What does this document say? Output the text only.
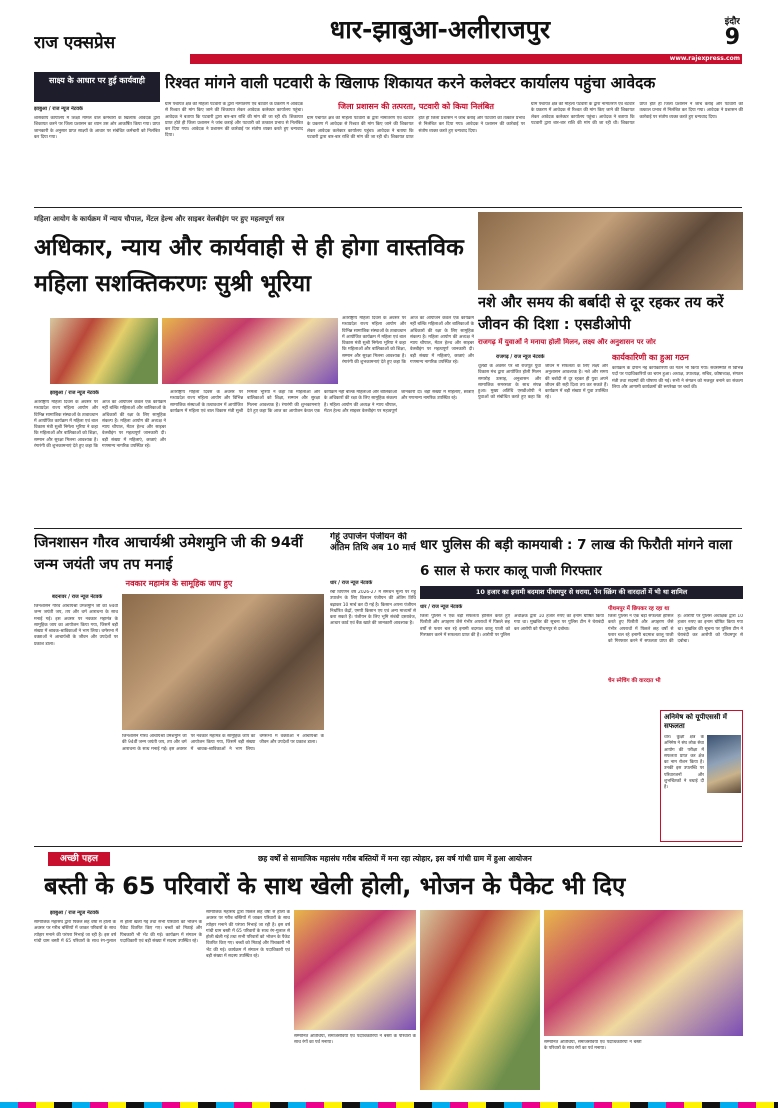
राज एक्सप्रेस	धार-झाबुआ-अलीराजपुर	इंदौर
9
www.rajexpress.com
साक्ष्य के आधार पर हुई कार्यवाही
झाबुआ / राज न्यूज नेटवर्क
शासकीय कार्यालय में शिक्षा मामले वाले कर्मचारी के खिलाफ आवेदक द्वारा शिकायत करने पर जिला प्रशासन का ध्यान उस ओर आकर्षित किया गया। प्राप्त जानकारी के अनुसार प्राप्त साक्ष्यों के आधार पर संबंधित कर्मचारी को निलंबित कर दिया गया।
रिश्वत मांगने वाली पटवारी के खिलाफ शिकायत करने कलेक्टर कार्यालय पहुंचा आवेदक
ग्राम पंचायत क्षेत्र की महिला पटवारी के द्वारा नामांतरण एवं बंटवारे के प्रकरण में आवेदक से रिश्वत की मांग किए जाने की शिकायत लेकर आवेदक कलेक्टर कार्यालय पहुंचा। आवेदक ने बताया कि पटवारी द्वारा बार-बार राशि की मांग की जा रही थी। शिकायत प्राप्त होते ही जिला प्रशासन ने जांच कराई और पटवारी को तत्काल प्रभाव से निलंबित कर दिया गया। आवेदक ने प्रशासन की कार्रवाई पर संतोष व्यक्त करते हुए धन्यवाद दिया।
जिला प्रशासन की तत्परता, पटवारी को किया निलंबित
ग्राम पंचायत क्षेत्र की महिला पटवारी के द्वारा नामांतरण एवं बंटवारे के प्रकरण में आवेदक से रिश्वत की मांग किए जाने की शिकायत लेकर आवेदक कलेक्टर कार्यालय पहुंचा। आवेदक ने बताया कि पटवारी द्वारा बार-बार राशि की मांग की जा रही थी। शिकायत प्राप्त होते ही जिला प्रशासन ने जांच कराई और पटवारी को तत्काल प्रभाव से निलंबित कर दिया गया। आवेदक ने प्रशासन की कार्रवाई पर संतोष व्यक्त करते हुए धन्यवाद दिया।
ग्राम पंचायत क्षेत्र की महिला पटवारी के द्वारा नामांतरण एवं बंटवारे के प्रकरण में आवेदक से रिश्वत की मांग किए जाने की शिकायत लेकर आवेदक कलेक्टर कार्यालय पहुंचा। आवेदक ने बताया कि पटवारी द्वारा बार-बार राशि की मांग की जा रही थी। शिकायत प्राप्त होते ही जिला प्रशासन ने जांच कराई और पटवारी को तत्काल प्रभाव से निलंबित कर दिया गया। आवेदक ने प्रशासन की कार्रवाई पर संतोष व्यक्त करते हुए धन्यवाद दिया।
महिला आयोग के कार्यक्रम में न्याय चौपाल, मेंटल हेल्थ और साइबर वेलबीइंग पर हुए महत्वपूर्ण सत्र
अधिकार, न्याय और कार्यवाही से ही होगा वास्तविक महिला सशक्तिकरणः सुश्री भूरिया
झाबुआ / राज न्यूज नेटवर्क
अंतर्राष्ट्रीय महिला दिवस के अवसर पर मध्यप्रदेश राज्य महिला आयोग और विभिन्न सामाजिक संस्थाओं के तत्वावधान में आयोजित कार्यक्रम में महिला एवं बाल विकास मंत्री सुश्री निर्मला भूरिया ने कहा कि महिलाओं और बालिकाओं को शिक्षा, सम्मान और सुरक्षा मिलना आवश्यक है। रंगारंगी की शुभकामनाएं देते हुए कहा कि आज का आयोजन केवल एक कार्यक्रम नहीं बल्कि महिलाओं और बालिकाओं के अधिकारों की रक्षा के लिए सामूहिक संकल्प है। महिला आयोग की अध्यक्ष ने न्याय चौपाल, मेंटल हेल्थ और साइबर वेलबीइंग पर महत्वपूर्ण जानकारी दी। बड़ी संख्या में महिलाएं, छात्राएं और गणमान्य नागरिक उपस्थित रहे।
अंतर्राष्ट्रीय महिला दिवस के अवसर पर मध्यप्रदेश राज्य महिला आयोग और विभिन्न सामाजिक संस्थाओं के तत्वावधान में आयोजित कार्यक्रम में महिला एवं बाल विकास मंत्री सुश्री निर्मला भूरिया ने कहा कि महिलाओं और बालिकाओं को शिक्षा, सम्मान और सुरक्षा मिलना आवश्यक है। रंगारंगी की शुभकामनाएं देते हुए कहा कि आज का आयोजन केवल एक कार्यक्रम नहीं बल्कि महिलाओं और बालिकाओं के अधिकारों की रक्षा के लिए सामूहिक संकल्प है। महिला आयोग की अध्यक्ष ने न्याय चौपाल, मेंटल हेल्थ और साइबर वेलबीइंग पर महत्वपूर्ण जानकारी दी। बड़ी संख्या में महिलाएं, छात्राएं और गणमान्य नागरिक उपस्थित रहे।
अंतर्राष्ट्रीय महिला दिवस के अवसर पर मध्यप्रदेश राज्य महिला आयोग और विभिन्न सामाजिक संस्थाओं के तत्वावधान में आयोजित कार्यक्रम में महिला एवं बाल विकास मंत्री सुश्री निर्मला भूरिया ने कहा कि महिलाओं और बालिकाओं को शिक्षा, सम्मान और सुरक्षा मिलना आवश्यक है। रंगारंगी की शुभकामनाएं देते हुए कहा कि आज का आयोजन केवल एक कार्यक्रम नहीं बल्कि महिलाओं और बालिकाओं के अधिकारों की रक्षा के लिए सामूहिक संकल्प है। महिला आयोग की अध्यक्ष ने न्याय चौपाल, मेंटल हेल्थ और साइबर वेलबीइंग पर महत्वपूर्ण जानकारी दी। बड़ी संख्या में महिलाएं, छात्राएं और गणमान्य नागरिक उपस्थित रहे।
नशे और समय की बर्बादी से दूर रहकर तय करें जीवन की दिशा : एसडीओपी
राजगढ़ में युवाओं ने मनाया होली मिलन, लक्ष्य और अनुशासन पर जोर
राजगढ़ / राज न्यूज नेटवर्क
धूलेंडी के अवसर पर श्री राजपूत युवा विकास मंच द्वारा आयोजित होली मिलन समारोह उत्साह, अनुशासन और सामाजिक समरसता के साथ संपन्न हुआ। मुख्य अतिथि एसडीओपी ने युवाओं को संबोधित करते हुए कहा कि जीवन में सफलता के लिए लक्ष्य और अनुशासन आवश्यक है। नशे और समय की बर्बादी से दूर रहकर ही युवा अपने जीवन की सही दिशा तय कर सकते हैं। कार्यक्रम में बड़ी संख्या में युवा उपस्थित रहे।
कार्यकारिणी का हुआ गठन
कार्यक्रम के दौरान नई कार्यकारिणी का गठन भी किया गया। सर्वसम्मति से विभिन्न पदों पर पदाधिकारियों का चयन हुआ। अध्यक्ष, उपाध्यक्ष, सचिव, कोषाध्यक्ष, संगठन मंत्री तथा सदस्यों की घोषणा की गई। सभी ने संगठन को मजबूत बनाने का संकल्प लिया और आगामी कार्यक्रमों की रूपरेखा पर चर्चा की।
जिनशासन गौरव आचार्यश्री उमेशमुनि जी की 94वीं जन्म जयंती जप तप मनाई
नवकार महामंत्र के सामूहिक जाप हुए
बदनावर / राज न्यूज नेटवर्क
जिनशासन गौरव आचार्यश्री उमेशमुनि जी की 94वीं जन्म जयंती जप, तप और धर्म आराधना के साथ मनाई गई। इस अवसर पर नवकार महामंत्र के सामूहिक जाप का आयोजन किया गया, जिसमें बड़ी संख्या में श्रावक-श्राविकाओं ने भाग लिया। धर्मसभा में वक्ताओं ने आचार्यश्री के जीवन और उपदेशों पर प्रकाश डाला।
जिनशासन गौरव आचार्यश्री उमेशमुनि जी की 94वीं जन्म जयंती जप, तप और धर्म आराधना के साथ मनाई गई। इस अवसर पर नवकार महामंत्र के सामूहिक जाप का आयोजन किया गया, जिसमें बड़ी संख्या में श्रावक-श्राविकाओं ने भाग लिया। धर्मसभा में वक्ताओं ने आचार्यश्री के जीवन और उपदेशों पर प्रकाश डाला।
गेहूं उपार्जन पंजीयन की अंतिम तिथि अब 10 मार्च
धार / राज न्यूज नेटवर्क
रबी विपणन वर्ष 2026-27 में समर्थन मूल्य पर गेहूं उपार्जन के लिए किसान पंजीयन की अंतिम तिथि बढ़ाकर 10 मार्च कर दी गई है। किसान अपना पंजीयन निर्धारित केंद्रों, एमपी किसान एप एवं अन्य माध्यमों से करा सकते हैं। पंजीयन के लिए भूमि संबंधी दस्तावेज, आधार कार्ड एवं बैंक खाते की जानकारी आवश्यक है।
धार पुलिस की बड़ी कामयाबी : 7 लाख की फिरौती मांगने वाला 6 साल से फरार कालू पाजी गिरफ्तार
10 हजार का इनामी बदमाश पीथमपुर से धराया, पेन स्क्रिंग की वारदातों में भी था शामिल
धार / राज न्यूज नेटवर्क
जिला पुलिस ने एक बड़ी सफलता हासिल करते हुए फिरौती और अपहरण जैसे गंभीर अपराधों में पिछले छह वर्षों से फरार चल रहे इनामी बदमाश कालू पाजी को गिरफ्तार करने में सफलता प्राप्त की है। आरोपी पर पुलिस अधीक्षक द्वारा 10 हजार रुपए का इनाम घोषित किया गया था। मुखबिर की सूचना पर पुलिस टीम ने घेराबंदी कर आरोपी को पीथमपुर से दबोचा।
पीथमपुर में छिपकर रह रहा था
जिला पुलिस ने एक बड़ी सफलता हासिल करते हुए फिरौती और अपहरण जैसे गंभीर अपराधों में पिछले छह वर्षों से फरार चल रहे इनामी बदमाश कालू पाजी को गिरफ्तार करने में सफलता प्राप्त की है। आरोपी पर पुलिस अधीक्षक द्वारा 10 हजार रुपए का इनाम घोषित किया गया था। मुखबिर की सूचना पर पुलिस टीम ने घेराबंदी कर आरोपी को पीथमपुर से दबोचा।
चेन स्नेचिंग की वारदात भी
अनिमेष को यूपीएससी में सफलता
धार। कुक्षी क्षेत्र के अनिमेष ने संघ लोक सेवा आयोग की परीक्षा में सफलता प्राप्त कर क्षेत्र का नाम रोशन किया है। उनकी इस उपलब्धि पर परिवारजनों और शुभचिंतकों ने बधाई दी है।
अच्छी पहल	छह वर्षों से सामाजिक महासंघ गरीब बस्तियों में मना रहा त्योहार, इस वर्ष गांधी ग्राम में हुआ आयोजन
बस्ती के 65 परिवारों के साथ खेली होली, भोजन के पैकेट भी दिए
झाबुआ / राज न्यूज नेटवर्क
सामाजिक महासंघ द्वारा पिछले छह वर्षों से होली के अवसर पर गरीब बस्तियों में जाकर परिवारों के साथ त्योहार मनाने की परंपरा निभाई जा रही है। इस वर्ष गांधी ग्राम बस्ती में 65 परिवारों के साथ रंग-गुलाल से होली खेली गई तथा सभी परिवारों को भोजन के पैकेट वितरित किए गए। बच्चों को मिठाई और पिचकारी भी भेंट की गई। कार्यक्रम में संगठन के पदाधिकारी एवं बड़ी संख्या में सदस्य उपस्थित रहे।
सामाजिक महासंघ द्वारा पिछले छह वर्षों से होली के अवसर पर गरीब बस्तियों में जाकर परिवारों के साथ त्योहार मनाने की परंपरा निभाई जा रही है। इस वर्ष गांधी ग्राम बस्ती में 65 परिवारों के साथ रंग-गुलाल से होली खेली गई तथा सभी परिवारों को भोजन के पैकेट वितरित किए गए। बच्चों को मिठाई और पिचकारी भी भेंट की गई। कार्यक्रम में संगठन के पदाधिकारी एवं बड़ी संख्या में सदस्य उपस्थित रहे।
सम्मानित अतिथियों, समाजसेवियों एवं पदाधिकारियों ने बस्ती के परिवारों के साथ रंगों का पर्व मनाया।	सम्मानित अतिथियों, समाजसेवियों एवं पदाधिकारियों ने बस्ती के परिवारों के साथ रंगों का पर्व मनाया।
